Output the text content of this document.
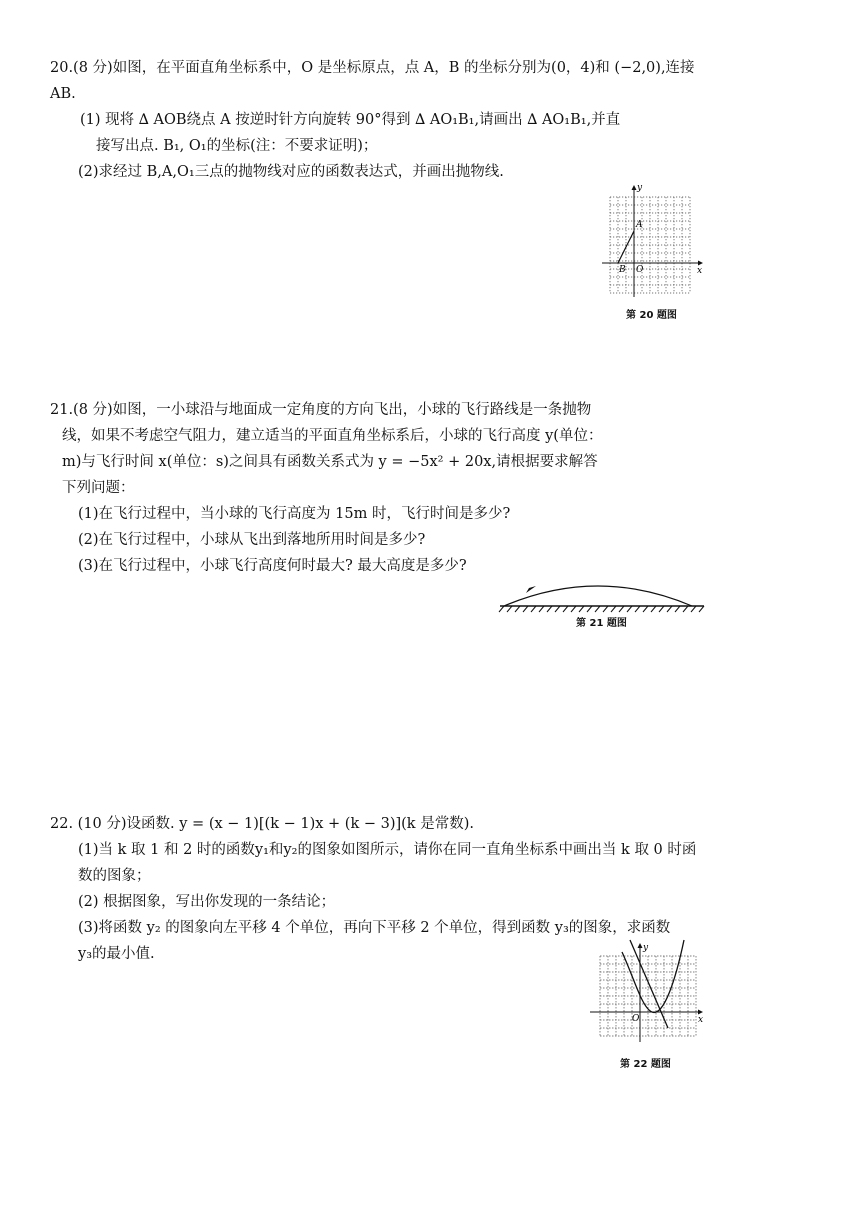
20.(8 分)如图，在平面直角坐标系中，O 是坐标原点，点 A，B 的坐标分别为(0，4)和 (−2,0),连接
AB.
(1) 现将 ∆ AOB绕点 A 按逆时针方向旋转 90°得到 ∆ AO₁B₁,请画出 ∆ AO₁B₁,并直
接写出点. B₁, O₁的坐标(注：不要求证明)；
(2)求经过 B,A,O₁三点的抛物线对应的函数表达式，并画出抛物线.
y
x
A
B O
第 20 题图
21.(8 分)如图，一小球沿与地面成一定角度的方向飞出，小球的飞行路线是一条抛物
线，如果不考虑空气阻力，建立适当的平面直角坐标系后，小球的飞行高度 y(单位：
m)与飞行时间 x(单位：s)之间具有函数关系式为 y = −5x² + 20x,请根据要求解答
下列问题：
(1)在飞行过程中，当小球的飞行高度为 15m 时，飞行时间是多少?
(2)在飞行过程中，小球从飞出到落地所用时间是多少?
(3)在飞行过程中，小球飞行高度何时最大? 最大高度是多少?
第 21 题图
22. (10 分)设函数. y = (x − 1)[(k − 1)x + (k − 3)](k 是常数).
(1)当 k 取 1 和 2 时的函数y₁和y₂的图象如图所示，请你在同一直角坐标系中画出当 k 取 0 时函
数的图象；
(2) 根据图象，写出你发现的一条结论；
(3)将函数 y₂ 的图象向左平移 4 个单位，再向下平移 2 个单位，得到函数 y₃的图象，求函数
y₃的最小值.	y
x
O
第 22 题图
